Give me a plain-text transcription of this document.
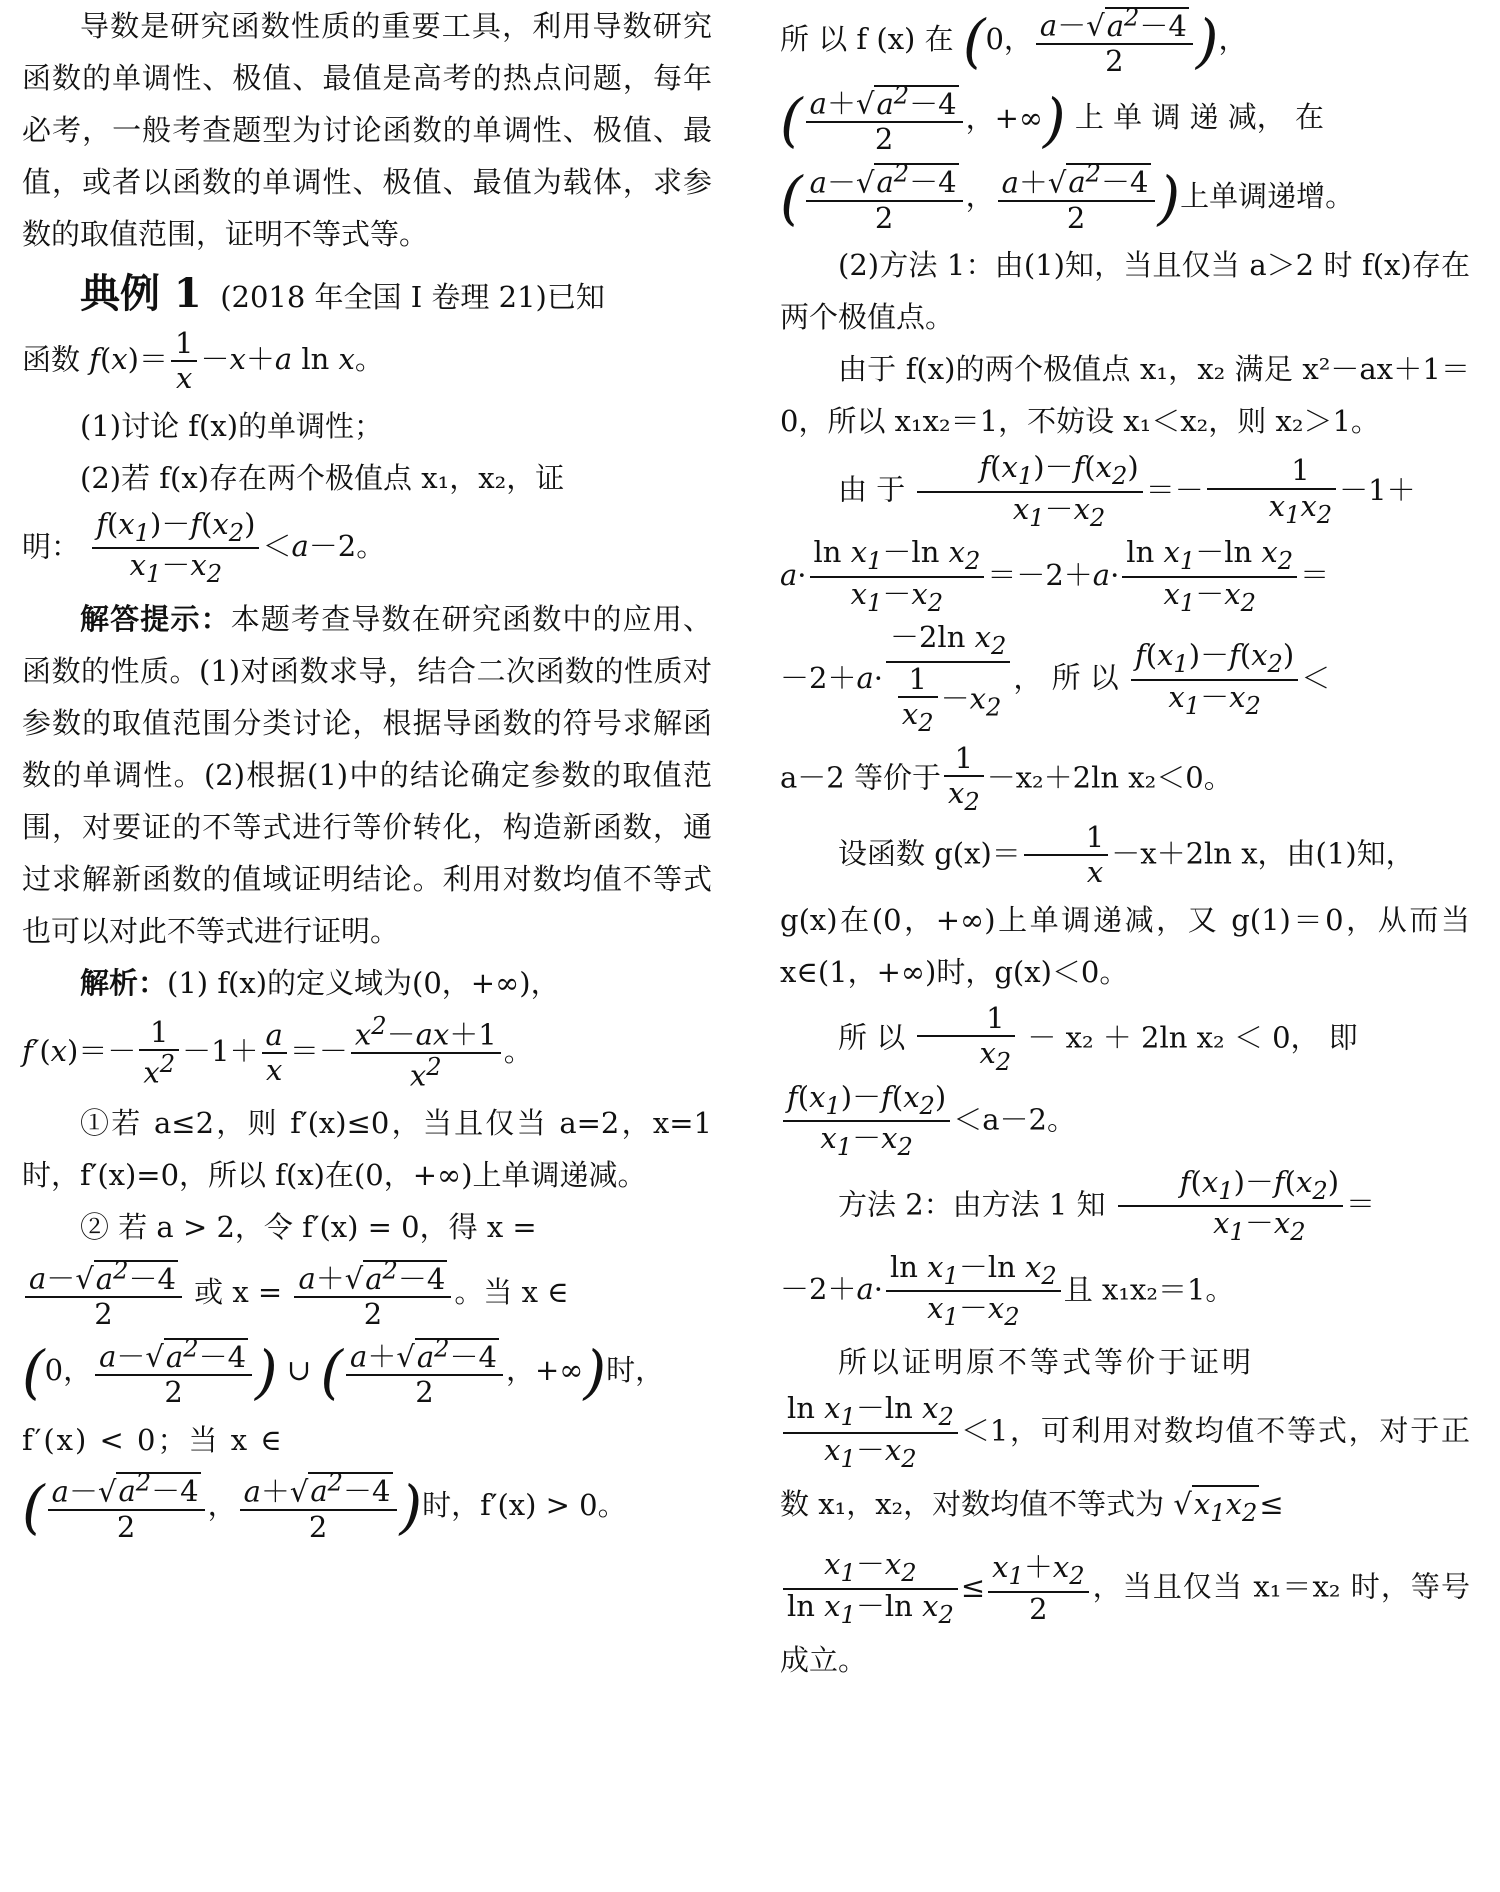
导数是研究函数性质的重要工具，利用导数研究函数的单调性、极值、最值是高考的热点问题，每年必考，一般考查题型为讨论函数的单调性、极值、最值，或者以函数的单调性、极值、最值为载体，求参数的取值范围，证明不等式等。

典例 1 (2018 年全国 I 卷理 21)已知

函数 $f(x)= \frac{1}{x} -x+a$ ln x。

(1)讨论 f(x)的单调性；

(2)若 f(x)存在两个极值点 x₁，x₂，证

明： $\frac{f(x_1)-f(x_2)}{x_1-x_2} <a-2$。

解答提示：本题考查导数在研究函数中的应用、函数的性质。(1)对函数求导，结合二次函数的性质对参数的取值范围分类讨论，根据导函数的符号求解函数的单调性。(2)根据(1)中的结论确定参数的取值范围，对要证的不等式进行等价转化，构造新函数，通过求解新函数的值域证明结论。利用对数均值不等式也可以对此不等式进行证明。

解析：(1) f(x)的定义域为(0，+∞)，

$f'(x)=- \frac{1}{x^2} -1+ \frac{a}{x} =- \frac{x^2-ax+1}{x^2}$ 。

①若 a≤2，则 f′(x)≤0，当且仅当 a=2，x=1 时，f′(x)=0，所以 f(x)在(0，+∞)上单调递减。

② 若 a > 2，令 f′(x) = 0，得 x =

$\frac{a-√a^2-4}{2}$ 或 $x = \frac{a+√a^2-4}{2}$ 。当 x ∈

(0， $\frac{a-√a^2-4}{2}$ ) ∪ ( $\frac{a+√a^2-4}{2}$ ，+∞)时，

f′(x) < 0；当 x ∈

( $\frac{a-√a^2-4}{2}$ ， $\frac{a+√a^2-4}{2}$ )时，f′(x) > 0。

所 以 f (x) 在 (0， $\frac{a-√a^2-4}{2}$ )，

( $\frac{a+√a^2-4}{2}$ ，+∞) 上 单 调 递 减， 在

( $\frac{a-√a^2-4}{2}$ ， $\frac{a+√a^2-4}{2}$ )上单调递增。

(2)方法 1：由(1)知，当且仅当 a＞2 时 f(x)存在两个极值点。

由于 f(x)的两个极值点 x₁，x₂ 满足 x²－ax＋1＝0，所以 x₁x₂＝1，不妨设 x₁＜x₂，则 x₂＞1。

由 于 $\frac{f(x_1)-f(x_2)}{x_1-x_2} =- \frac{1}{x_1x_2} -1+$

$a\cdot \frac{\ln x_1-\ln x_2}{x_1-x_2} =-2+a\cdot \frac{\ln x_1-\ln x_2}{x_1-x_2}$ ＝

$-2+a\cdot \frac{-2\ln x_2}{\frac{1}{x_2} -x_2}$ ， 所 以 $\frac{f(x_1)-f(x_2)}{x_1-x_2}$ ＜

a－2 等价于 $\frac{1}{x_2} -x_2+2\ln$ x₂＜0。

设函数 $g(x)= \frac{1}{x} -x+2\ln$ x，由(1)知，

g(x)在(0，+∞)上单调递减，又 g(1)＝0，从而当 x∈(1，+∞)时，g(x)＜0。

所 以 $\frac{1}{x_2} - x_2 + 2\ln$ x₂ ＜ 0， 即

$\frac{f(x_1)-f(x_2)}{x_1-x_2} <a-2$。

方法 2：由方法 1 知 $\frac{f(x_1)-f(x_2)}{x_1-x_2}$ ＝

$-2+a\cdot \frac{\ln x_1-\ln x_2}{x_1-x_2}$ 且 x₁x₂＝1。

所以证明原不等式等价于证明

$\frac{\ln x_1-\ln x_2}{x_1-x_2} <1$，可利用对数均值不等式，对于正数 x₁，x₂，对数均值不等式为 $√x_1x_2\le$

$\frac{x_1-x_2}{\ln x_1-\ln x_2} \le \frac{x_1+x_2}{2}$ ，当且仅当 x₁＝x₂ 时，等号成立。
